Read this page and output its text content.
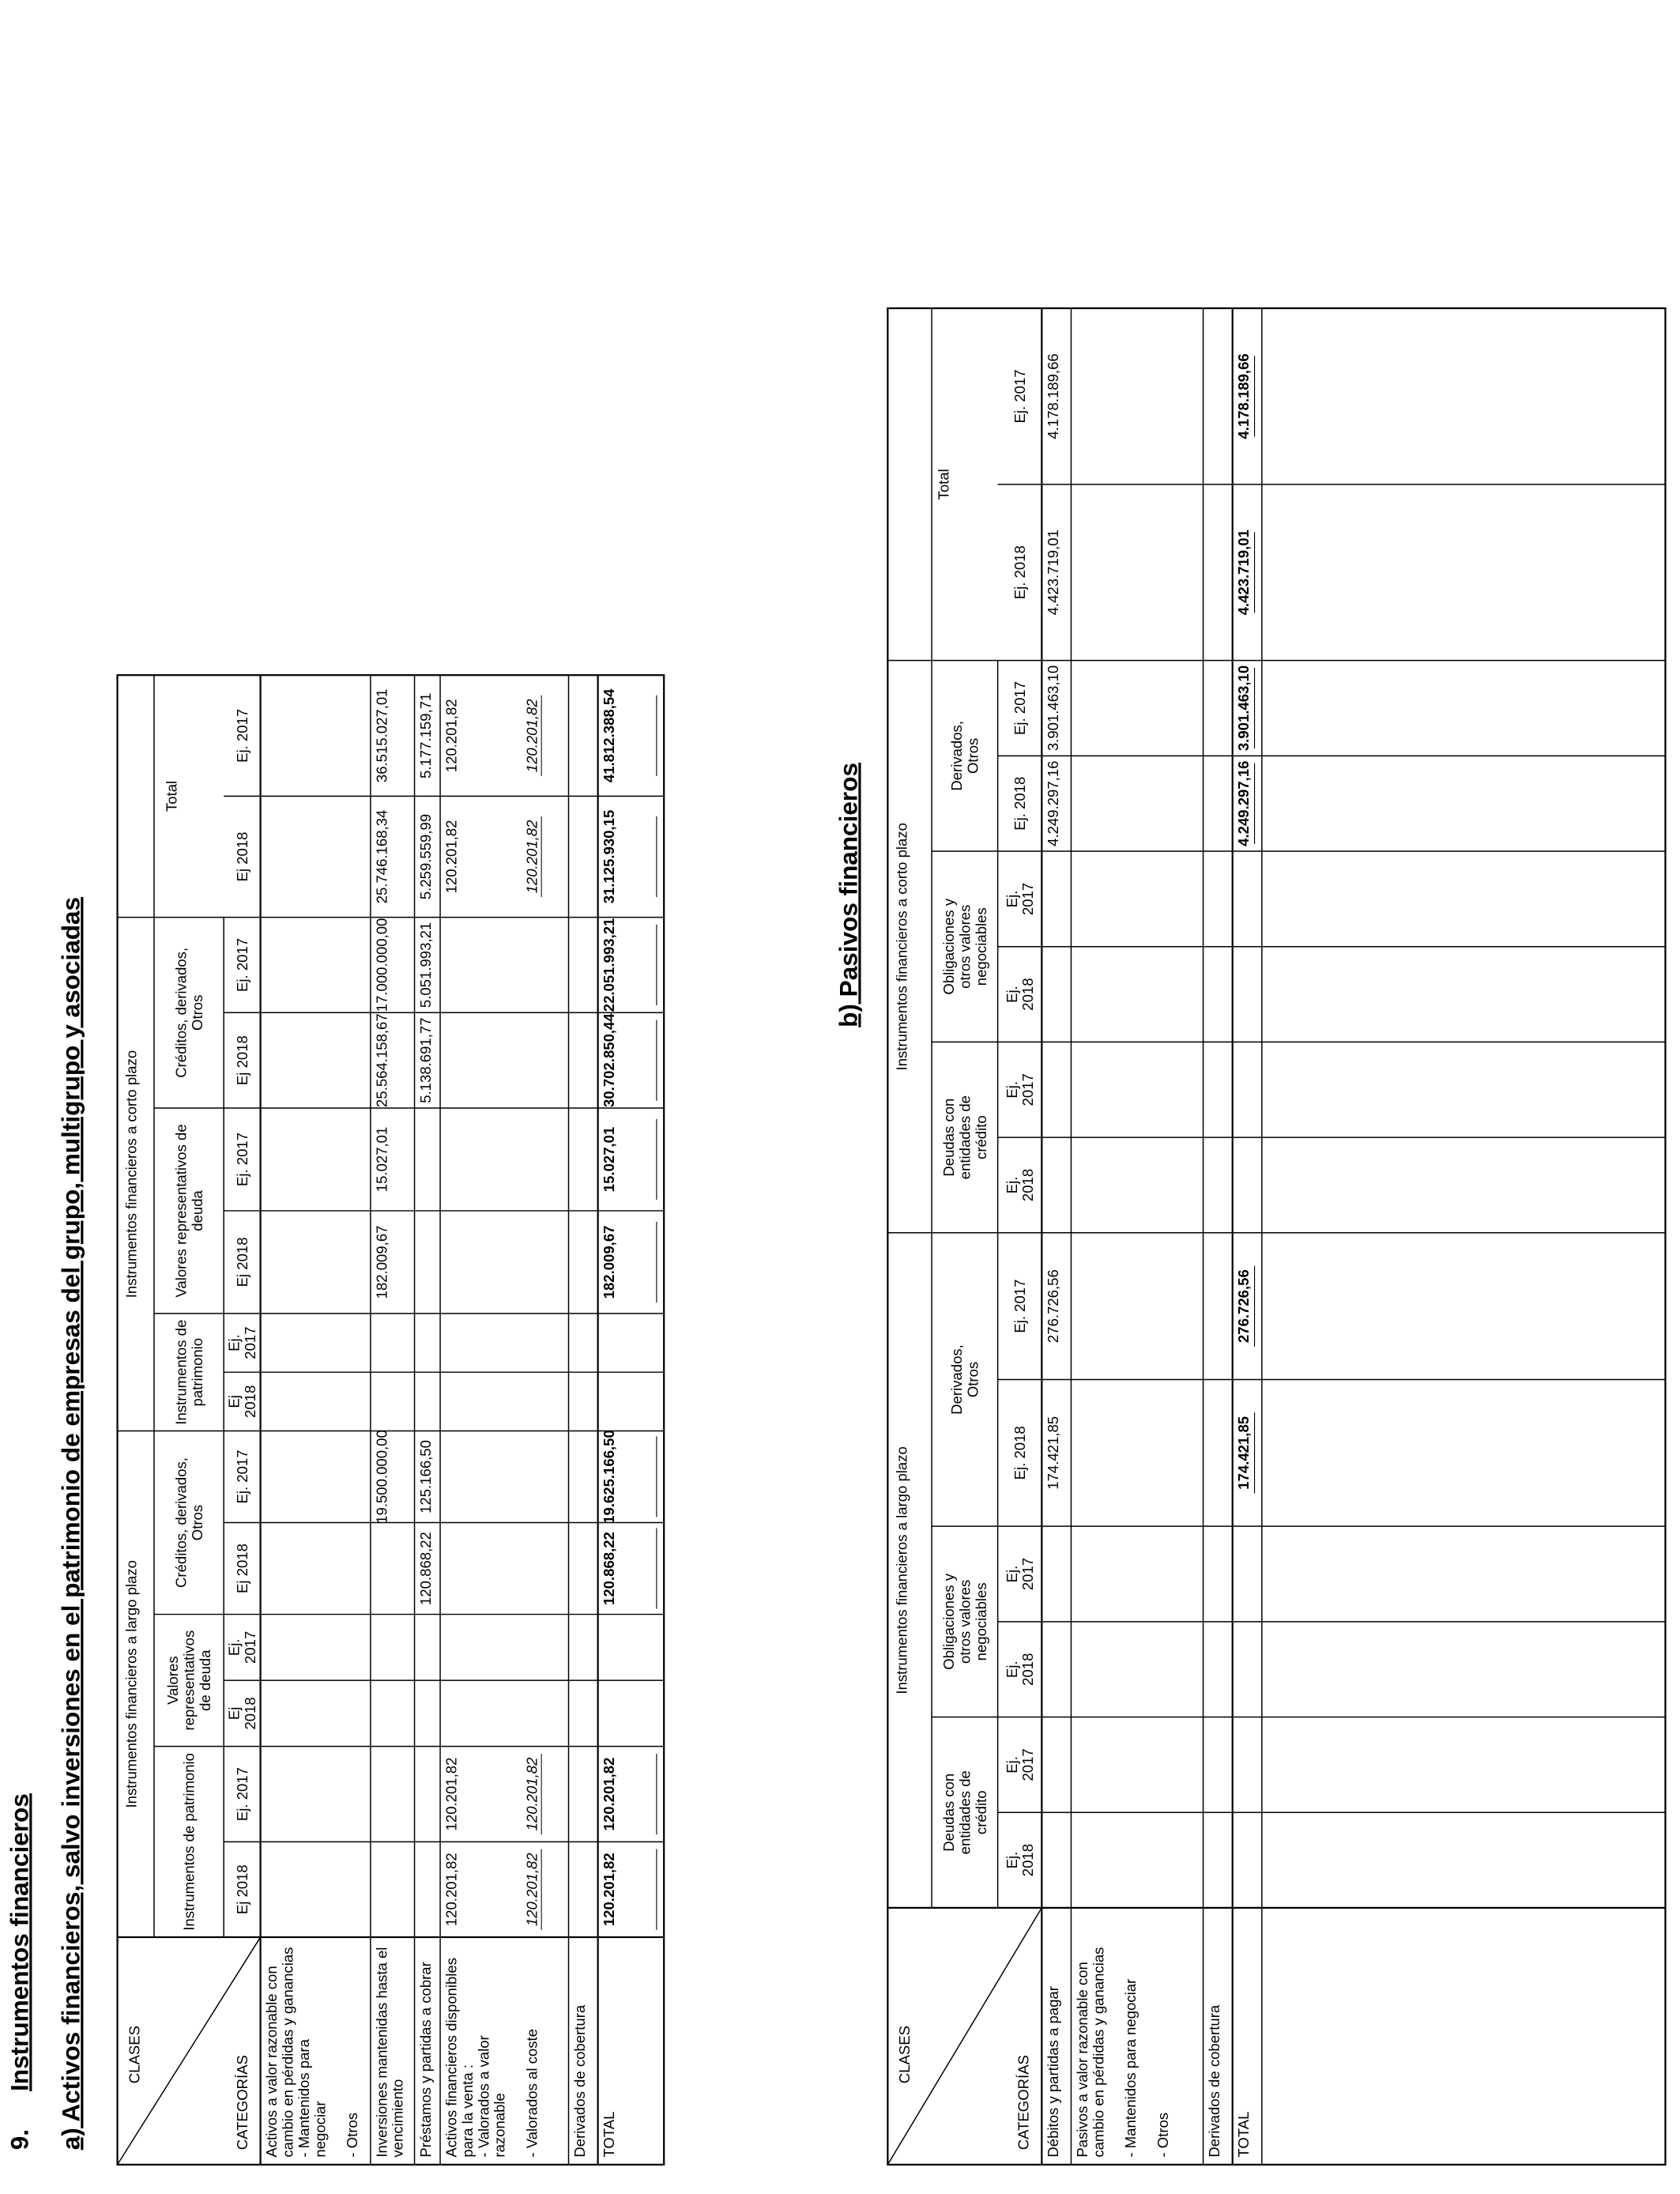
9.
Instrumentos financieros a) Activos financieros, salvo inversiones en el patrimonio de empresas del grupo, multigrupo y asociadas
b) Pasivos financieros
CLASES
CATEGORÍAS
Instrumentos financieros a largo plazo
Instrumentos financieros a corto plazo
Total
Instrumentos de patrimonio Ej 2018
Ej. 2017
Valores representativos de deuda
Ej 2018
Ej. 2017
Créditos, derivados, Otros
Ej 2018
Ej. 2017
Instrumentos de patrimonio Ej 2018
Ej. 2017
Valores representativos de deuda
Ej 2018
Ej. 2017
Créditos, derivados, Otros
Ej 2018
Ej. 2017
Ej 2018
Ej. 2017
Activos a valor razonable con cambio en pérdidas y ganancias - Mantenidos para negociar - Otros Inversiones mantenidas hasta el vencimiento
19.500.000,00
182.009,67
15.027,01
25.564.158,67
17.000.000,00
25.746.168,34
36.515.027,01
Préstamos y partidas a cobrar
120.868,22
125.166,50
5.138.691,77
5.051.993,21
5.259.559,99
5.177.159,71
Activos financieros disponibles para la venta : - Valorados a valor razonable - Valorados al coste
120.201,82
120.201,82
120.201,82
120.201,82
120.201,82
120.201,82
120.201,82
120.201,82
Derivados de cobertura TOTAL
120.201,82
120.201,82
120.868,22
19.625.166,50
182.009,67
15.027,01
30.702.850,44
22.051.993,21
31.125.930,15
41.812.388,54
CLASES
CATEGORÍAS
Instrumentos financieros a largo plazo
Instrumentos financieros a corto plazo
Total
Deudas con entidades de crédito
Ej. 2018
Ej. 2017
Obligaciones y otros valores negociables
Ej. 2018
Ej. 2017
Derivados, Otros
Ej. 2018
Ej. 2017
Deudas con entidades de crédito
Ej. 2018
Ej. 2017
Obligaciones y otros valores negociables
Ej. 2018
Ej. 2017
Derivados, Otros
Ej. 2018
Ej. 2017
Ej. 2018
Ej. 2017
Débitos y partidas a pagar
174.421,85
276.726,56
4.249.297,16
3.901.463,10
4.423.719,01
4.178.189,66
Pasivos a valor razonable con cambio en pérdidas y ganancias - Mantenidos para negociar - Otros Derivados de cobertura TOTAL
174.421,85
276.726,56
4.249.297,16
3.901.463,10
4.423.719,01
4.178.189,66
